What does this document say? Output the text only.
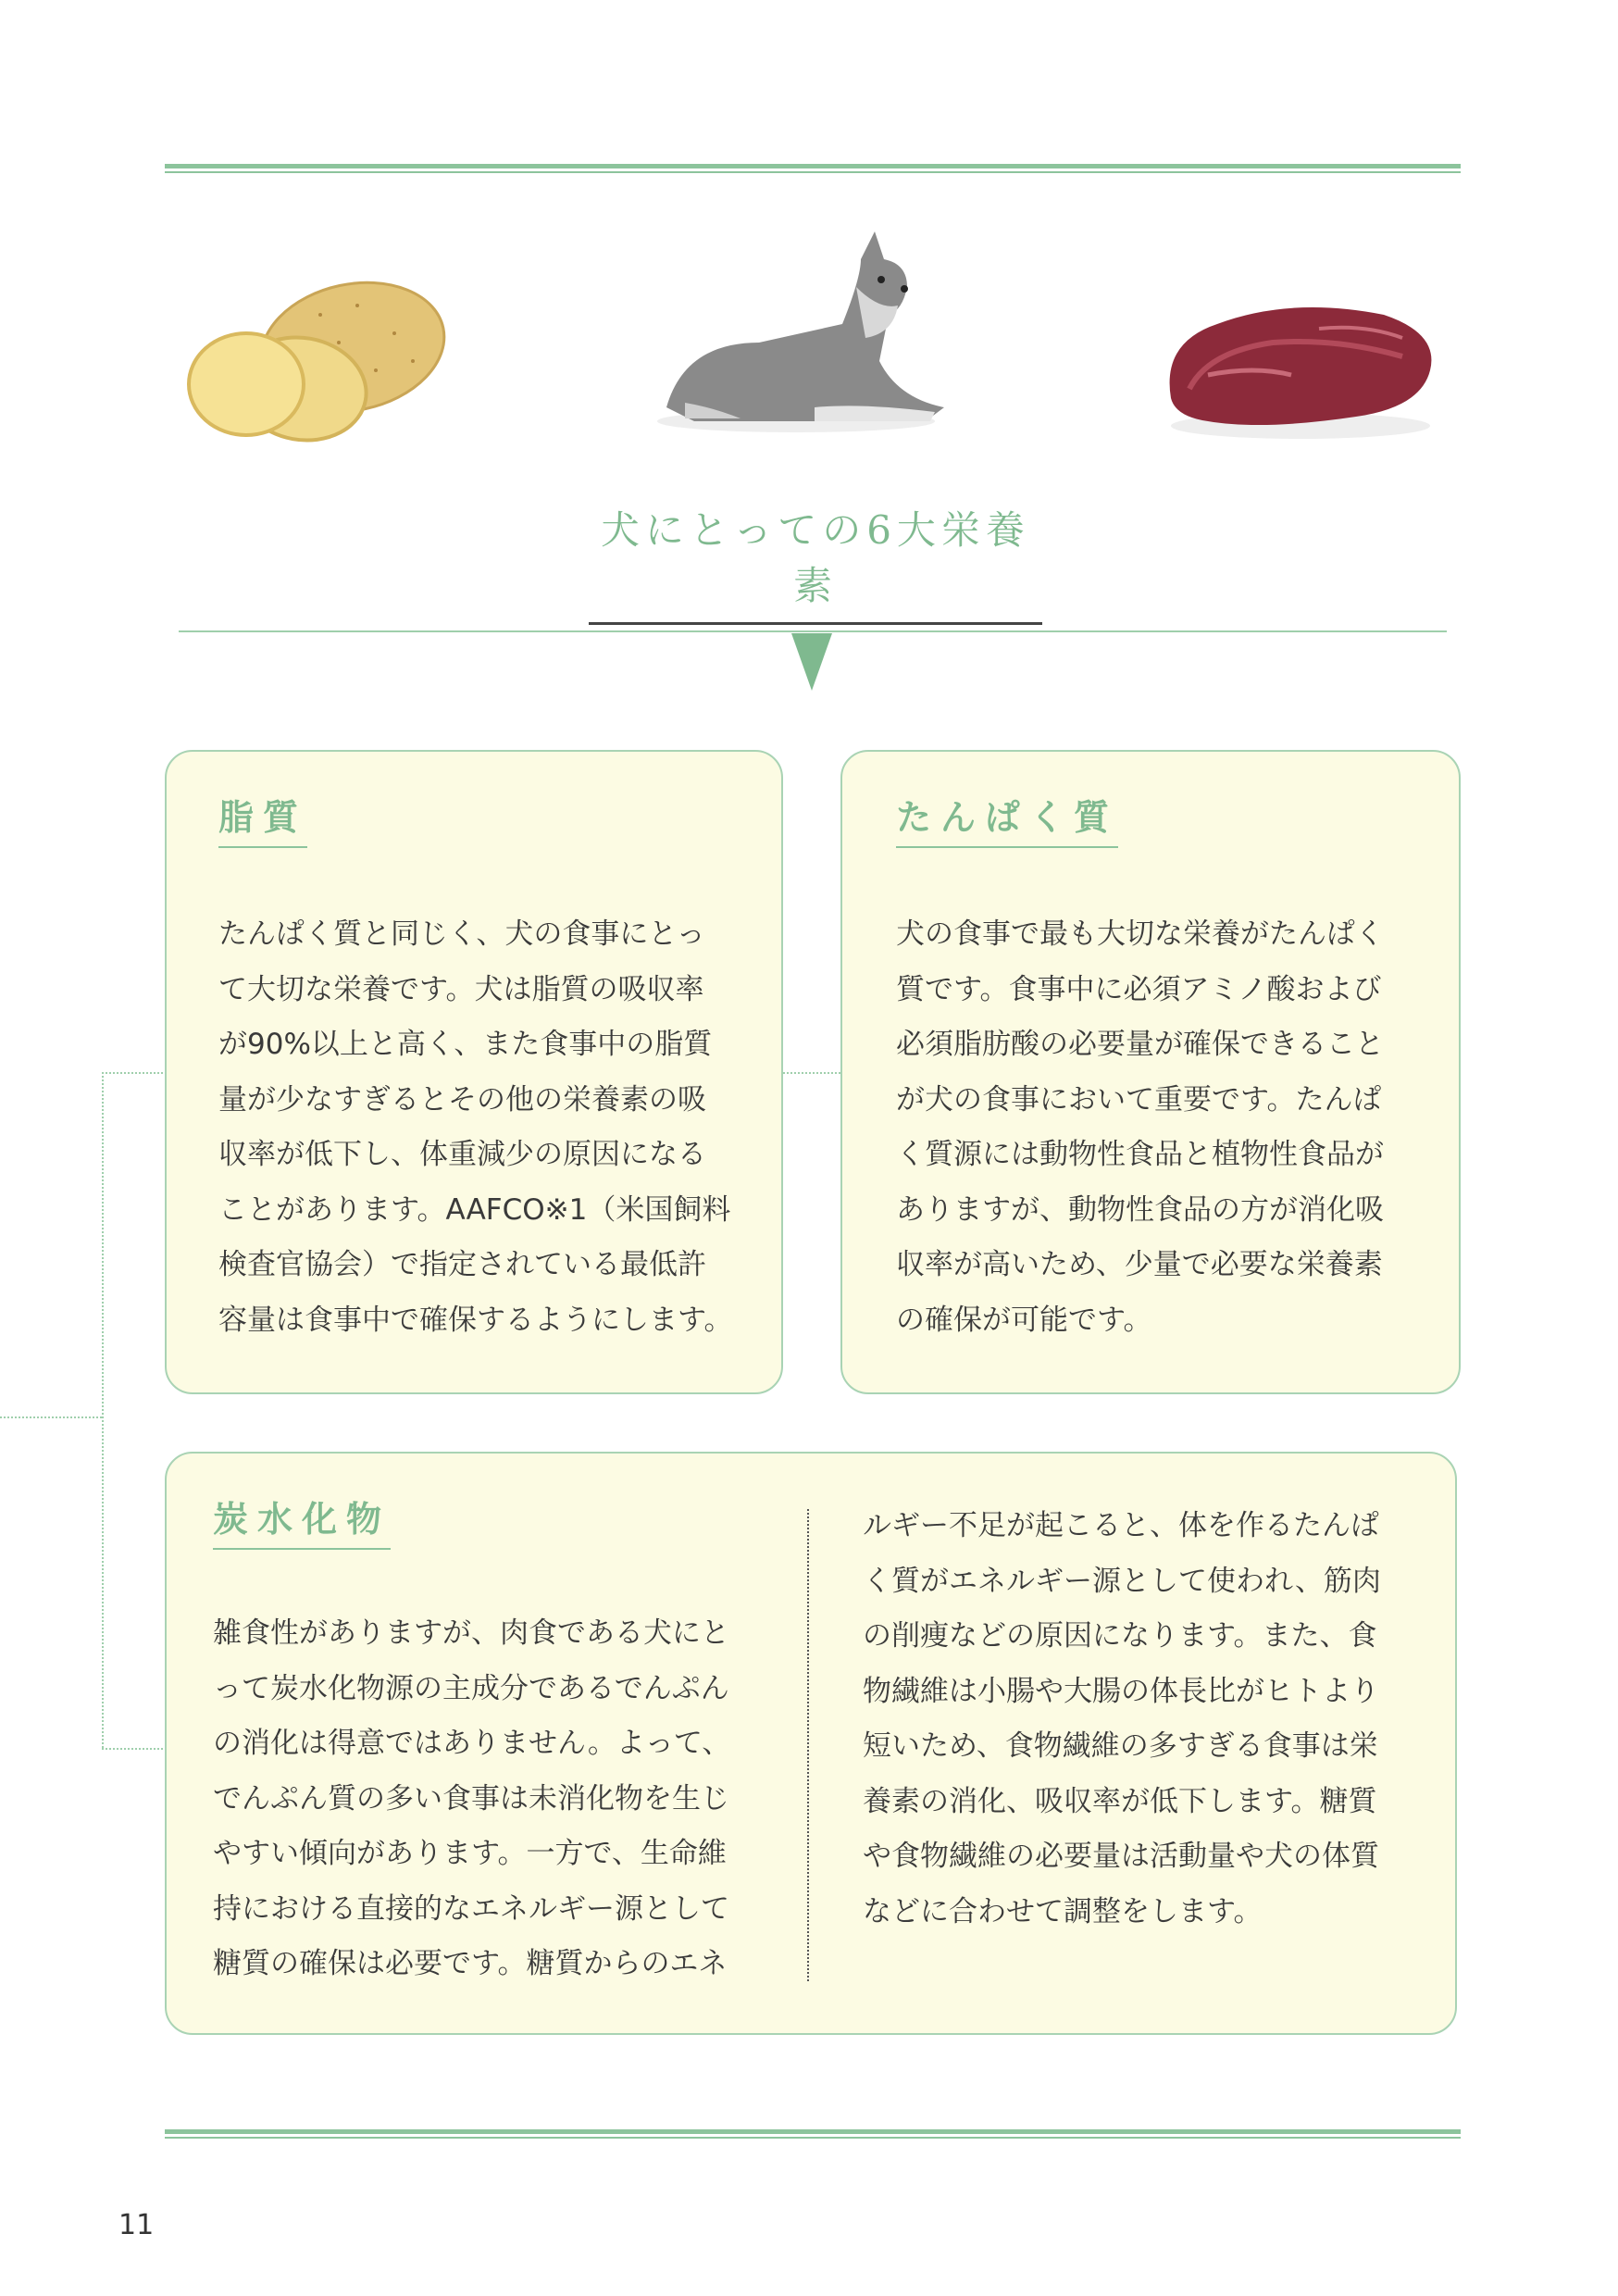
犬にとっての6大栄養素
脂質
たんぱく質と同じく、犬の食事にとっ
て大切な栄養です。犬は脂質の吸収率
が90%以上と高く、また食事中の脂質
量が少なすぎるとその他の栄養素の吸
収率が低下し、体重減少の原因になる
ことがあります。AAFCO※1（米国飼料
検査官協会）で指定されている最低許
容量は食事中で確保するようにします。
たんぱく質
犬の食事で最も大切な栄養がたんぱく
質です。食事中に必須アミノ酸および
必須脂肪酸の必要量が確保できること
が犬の食事において重要です。たんぱ
く質源には動物性食品と植物性食品が
ありますが、動物性食品の方が消化吸
収率が高いため、少量で必要な栄養素
の確保が可能です。
炭水化物
雑食性がありますが、肉食である犬にと
って炭水化物源の主成分であるでんぷん
の消化は得意ではありません。よって、
でんぷん質の多い食事は未消化物を生じ
やすい傾向があります。一方で、生命維
持における直接的なエネルギー源として
糖質の確保は必要です。糖質からのエネ
ルギー不足が起こると、体を作るたんぱ
く質がエネルギー源として使われ、筋肉
の削痩などの原因になります。また、食
物繊維は小腸や大腸の体長比がヒトより
短いため、食物繊維の多すぎる食事は栄
養素の消化、吸収率が低下します。糖質
や食物繊維の必要量は活動量や犬の体質
などに合わせて調整をします。
11
